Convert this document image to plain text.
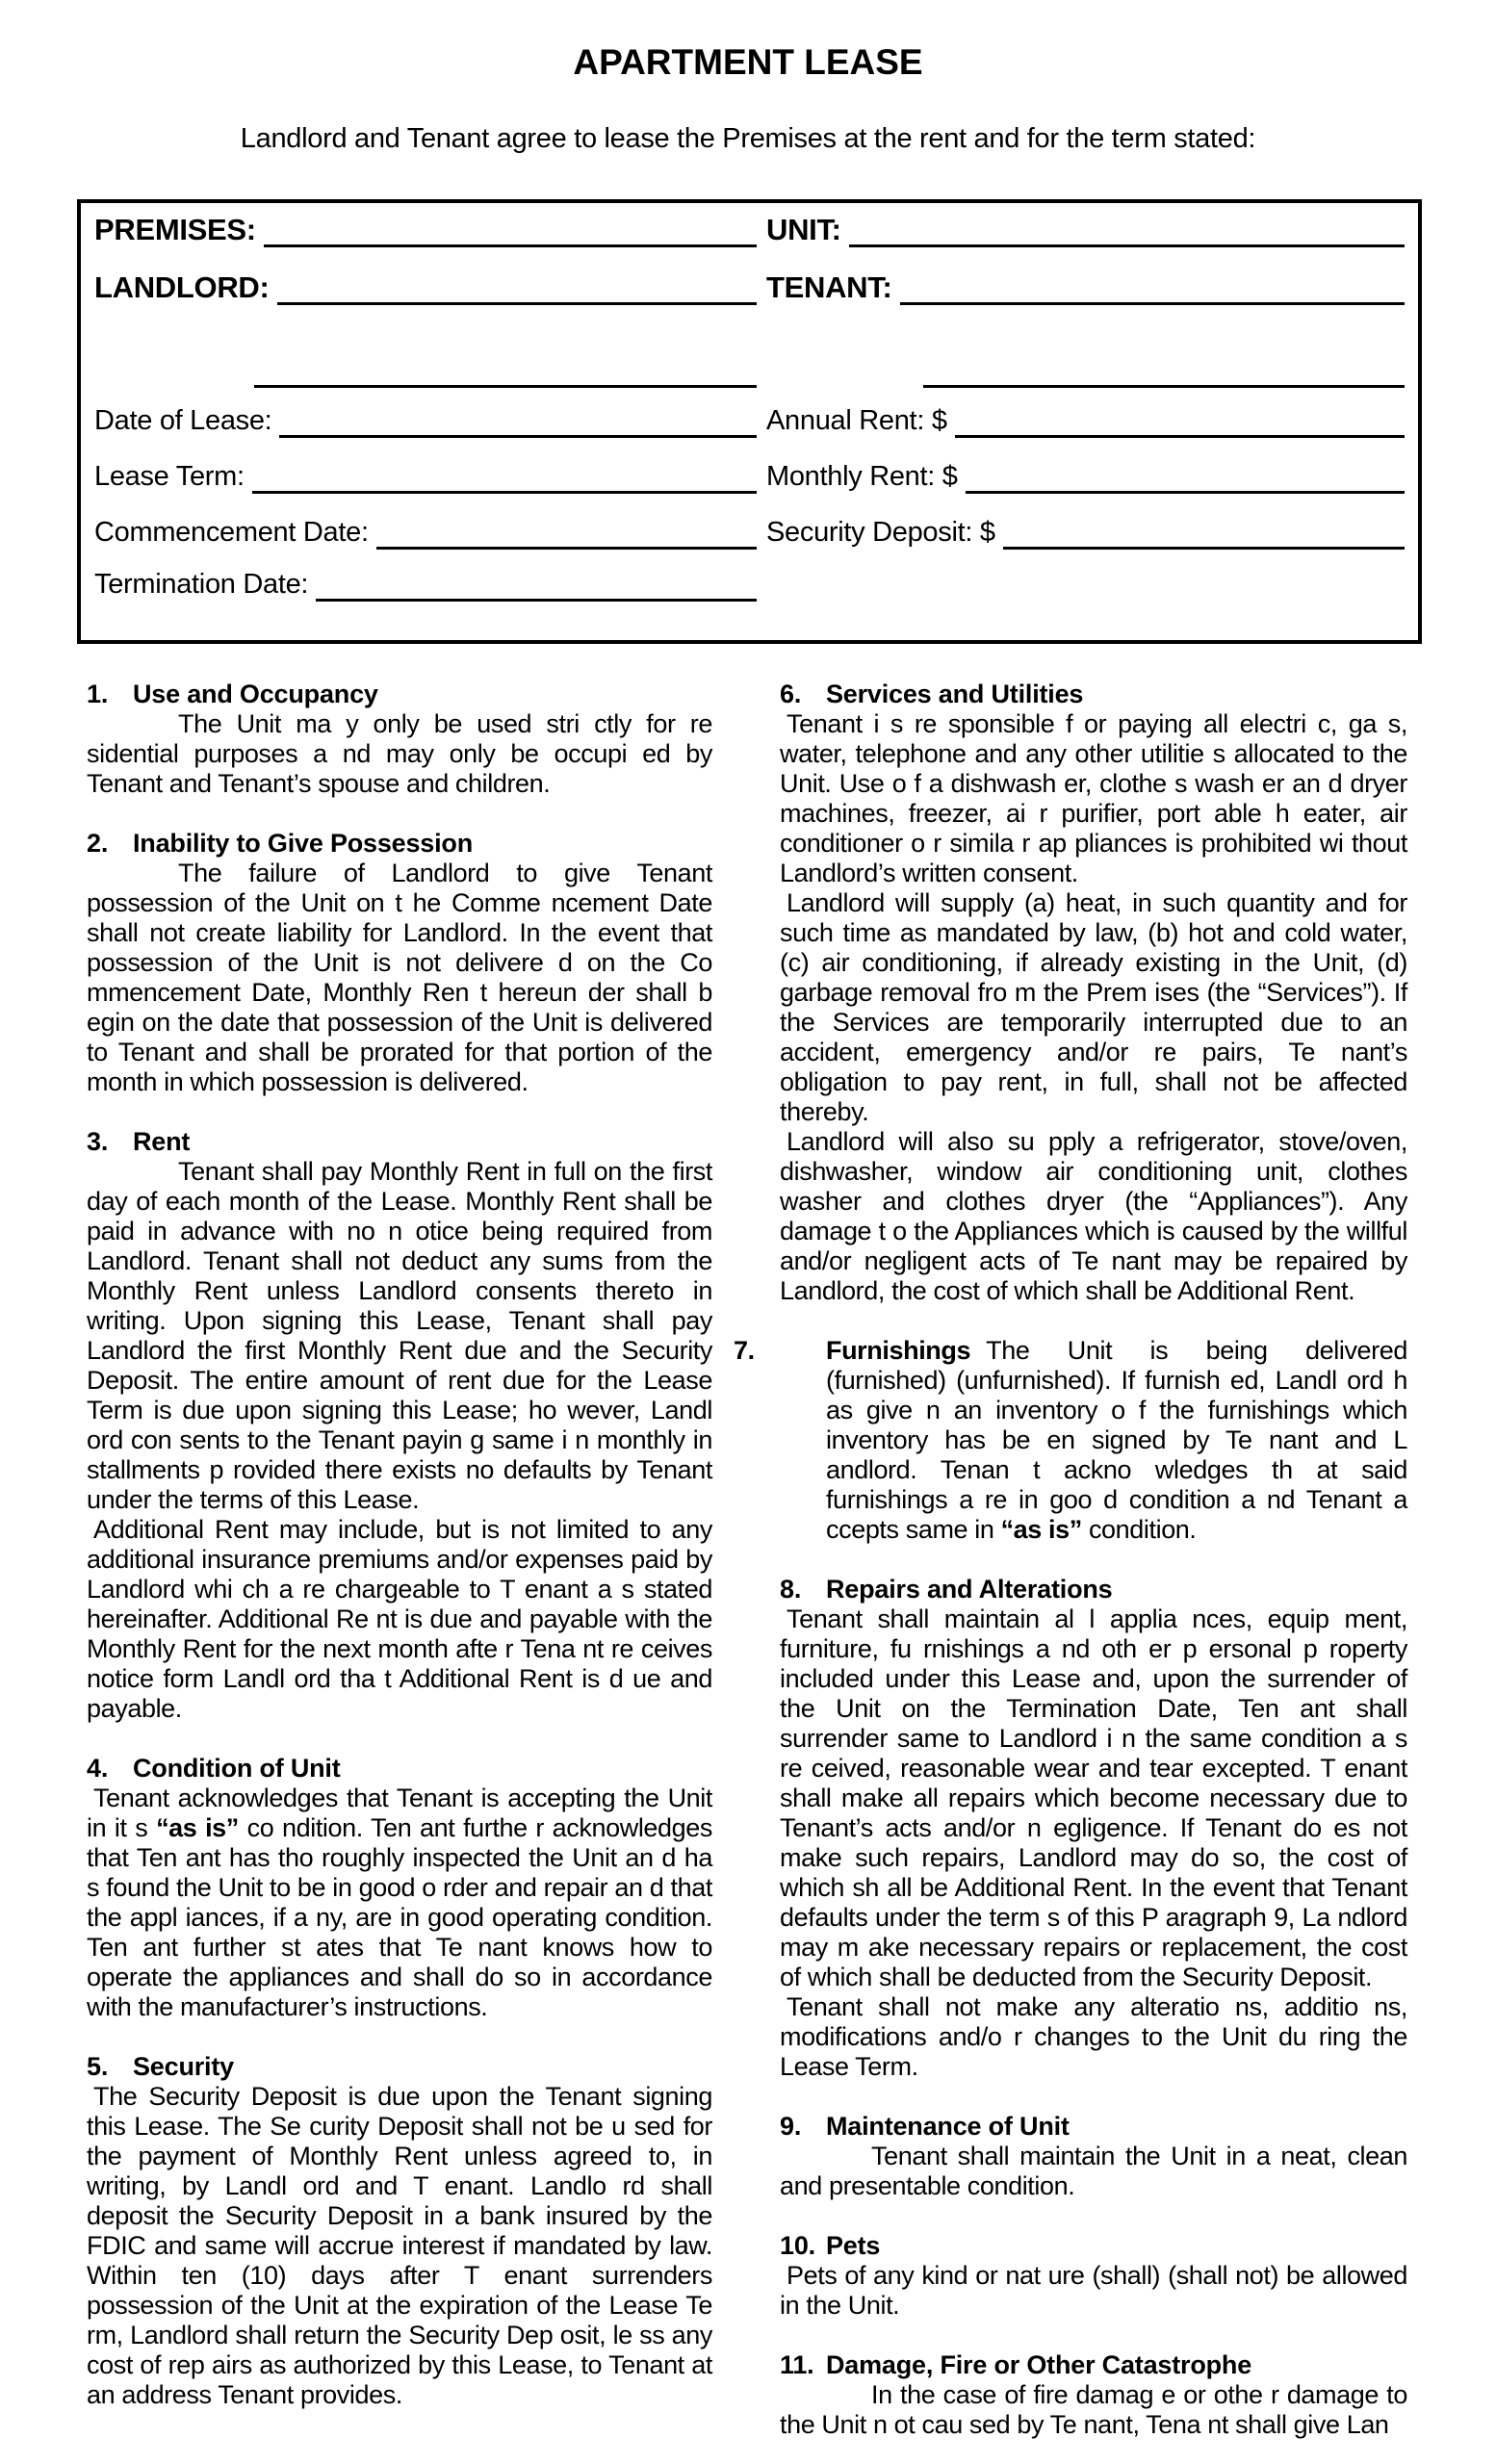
APARTMENT LEASE
Landlord and Tenant agree to lease the Premises at the rent and for the term stated:
PREMISES:	UNIT:
LANDLORD:	TENANT:
Date of Lease:	Annual Rent: $
Lease Term:	Monthly Rent: $
Commencement Date:	Security Deposit: $
Termination Date:
1. Use and Occupancy
The Unit ma y only be used stri ctly for re sidential purposes a nd may only be occupi ed by Tenant and Tenant’s spouse and children.
2. Inability to Give Possession
The failure of Landlord to give Tenant possession of the Unit on t he Comme ncement Date shall not create liability for Landlord. In the event that possession of the Unit is not delivere d on the Co mmencement Date, Monthly Ren t hereun der shall b egin on the date that possession of the Unit is delivered to Tenant and shall be prorated for that portion of the month in which possession is delivered.
3. Rent
Tenant shall pay Monthly Rent in full on the first day of each month of the Lease. Monthly Rent shall be paid in advance with no n otice being required from Landlord. Tenant shall not deduct any sums from the Monthly Rent unless Landlord consents thereto in writing. Upon signing this Lease, Tenant shall pay Landlord the first Monthly Rent due and the Security Deposit. The entire amount of rent due for the Lease Term is due upon signing this Lease; ho wever, Landl ord con sents to the Tenant payin g same i n monthly in stallments p rovided there exists no defaults by Tenant under the terms of this Lease.
Additional Rent may include, but is not limited to any additional insurance premiums and/or expenses paid by Landlord whi ch a re chargeable to T enant a s stated hereinafter. Additional Re nt is due and payable with the Monthly Rent for the next month afte r Tena nt re ceives notice form Landl ord tha t Additional Rent is d ue and payable.
4. Condition of Unit
Tenant acknowledges that Tenant is accepting the Unit in it s “as is” co ndition. Ten ant furthe r acknowledges that Ten ant has tho roughly inspected the Unit an d ha s found the Unit to be in good o rder and repair an d that the appl iances, if a ny, are in good operating condition. Ten ant further st ates that Te nant knows how to operate the appliances and shall do so in accordance with the manufacturer’s instructions.
5. Security
The Security Deposit is due upon the Tenant signing this Lease. The Se curity Deposit shall not be u sed for the payment of Monthly Rent unless agreed to, in writing, by Landl ord and T enant. Landlo rd shall deposit the Security Deposit in a bank insured by the FDIC and same will accrue interest if mandated by law. Within ten (10) days after T enant surrenders possession of the Unit at the expiration of the Lease Te rm, Landlord shall return the Security Dep osit, le ss any cost of rep airs as authorized by this Lease, to Tenant at an address Tenant provides.
6. Services and Utilities
Tenant i s re sponsible f or paying all electri c, ga s, water, telephone and any other utilitie s allocated to the Unit. Use o f a dishwash er, clothe s wash er an d dryer machines, freezer, ai r purifier, port able h eater, air conditioner o r simila r ap pliances is prohibited wi thout Landlord’s written consent.
Landlord will supply (a) heat, in such quantity and for such time as mandated by law, (b) hot and cold water, (c) air conditioning, if already existing in the Unit, (d) garbage removal fro m the Prem ises (the “Services”). If the Services are temporarily interrupted due to an accident, emergency and/or re pairs, Te nant’s obligation to pay rent, in full, shall not be affected thereby.
Landlord will also su pply a refrigerator, stove/oven, dishwasher, window air conditioning unit, clothes washer and clothes dryer (the “Appliances”). Any damage t o the Appliances which is caused by the willful and/or negligent acts of Te nant may be repaired by Landlord, the cost of which shall be Additional Rent.
7.	Furnishings The Unit is being delivered (furnished) (unfurnished). If furnish ed, Landl ord h as give n an inventory o f the furnishings which inventory has be en signed by Te nant and L andlord. Tenan t ackno wledges th at said furnishings a re in goo d condition a nd Tenant a ccepts same in “as is” condition.
8. Repairs and Alterations
Tenant shall maintain al l applia nces, equip ment, furniture, fu rnishings a nd oth er p ersonal p roperty included under this Lease and, upon the surrender of the Unit on the Termination Date, Ten ant shall surrender same to Landlord i n the same condition a s re ceived, reasonable wear and tear excepted. T enant shall make all repairs which become necessary due to Tenant’s acts and/or n egligence. If Tenant do es not make such repairs, Landlord may do so, the cost of which sh all be Additional Rent. In the event that Tenant defaults under the term s of this P aragraph 9, La ndlord may m ake necessary repairs or replacement, the cost of which shall be deducted from the Security Deposit.
Tenant shall not make any alteratio ns, additio ns, modifications and/o r changes to the Unit du ring the Lease Term.
9. Maintenance of Unit
Tenant shall maintain the Unit in a neat, clean and presentable condition.
10. Pets
Pets of any kind or nat ure (shall) (shall not) be allowed in the Unit.
11. Damage, Fire or Other Catastrophe
In the case of fire damag e or othe r damage to the Unit n ot cau sed by Te nant, Tena nt shall give Lan
